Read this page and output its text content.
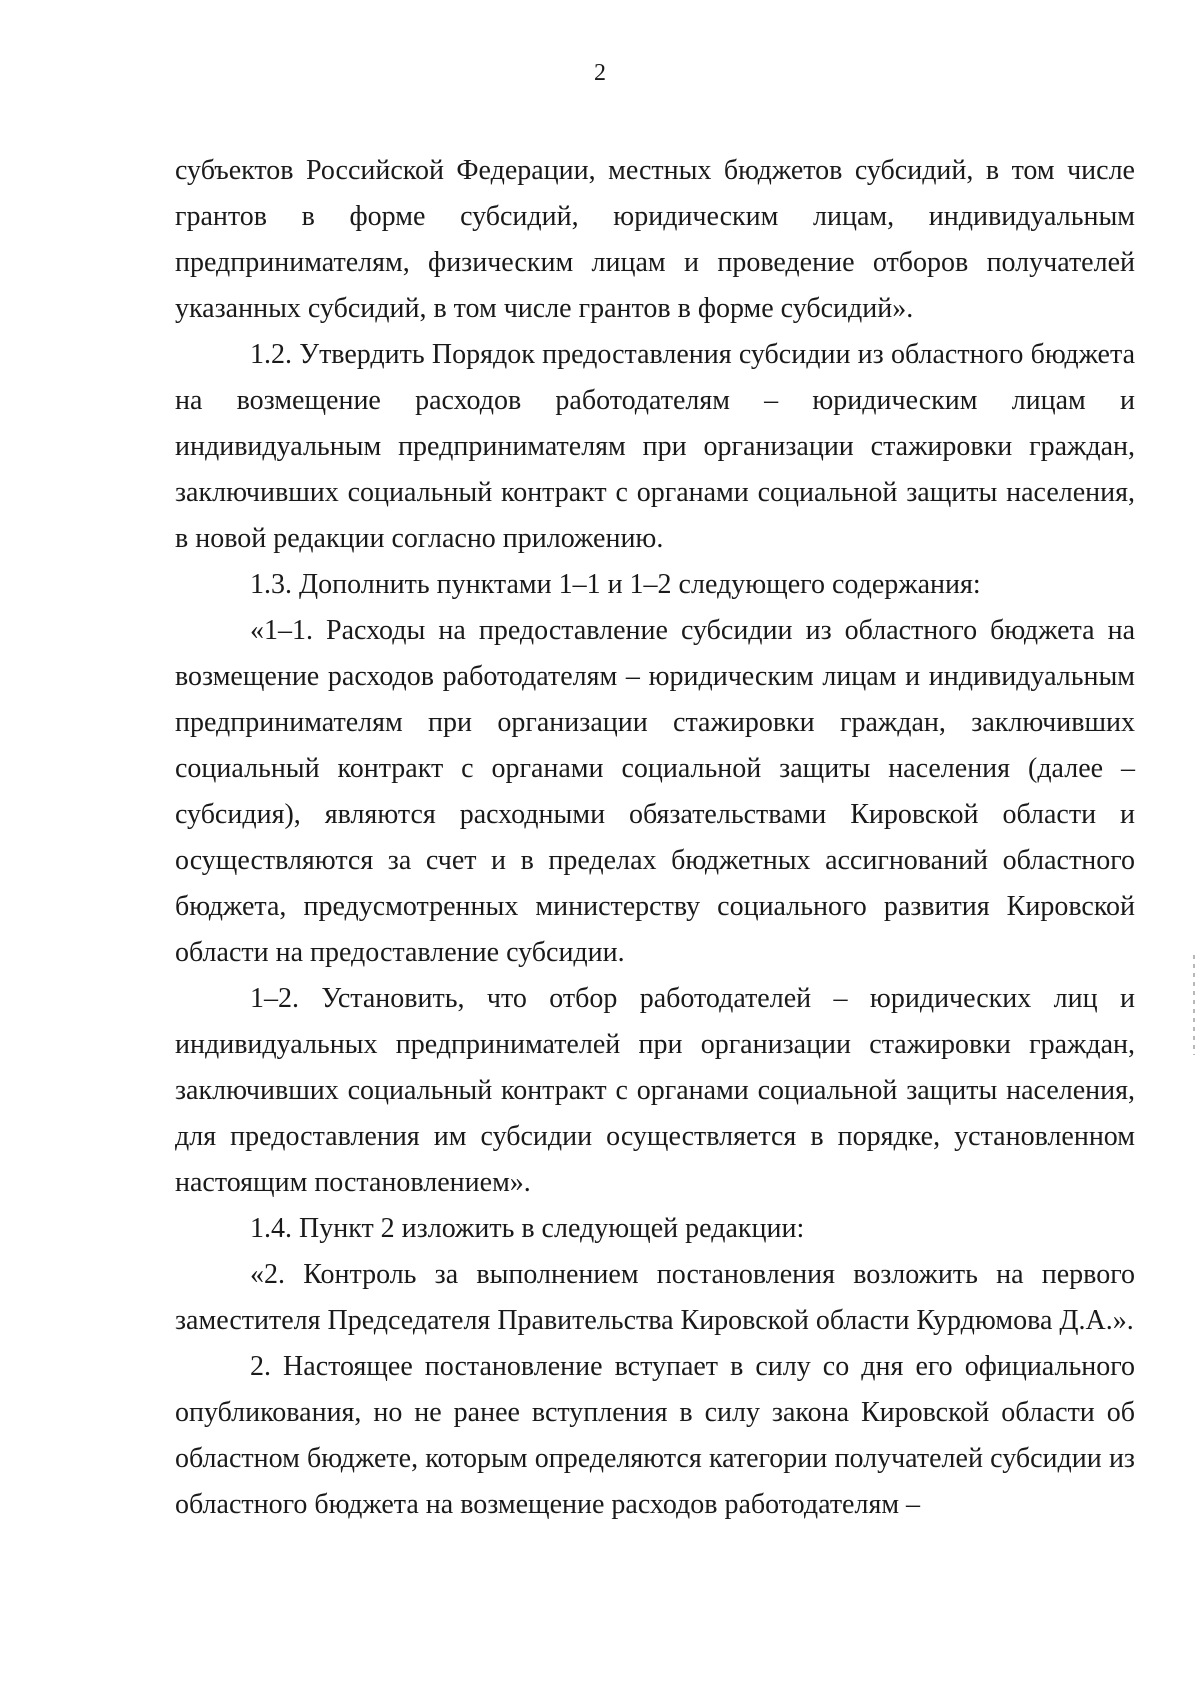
2

субъектов Российской Федерации, местных бюджетов субсидий, в том числе грантов в форме субсидий, юридическим лицам, индивидуальным предпринимателям, физическим лицам и проведение отборов получателей указанных субсидий, в том числе грантов в форме субсидий».

1.2. Утвердить Порядок предоставления субсидии из областного бюджета на возмещение расходов работодателям – юридическим лицам и индивидуальным предпринимателям при организации стажировки граждан, заключивших социальный контракт с органами социальной защиты населения, в новой редакции согласно приложению.

1.3. Дополнить пунктами 1–1 и 1–2 следующего содержания:

«1–1. Расходы на предоставление субсидии из областного бюджета на возмещение расходов работодателям – юридическим лицам и индивидуальным предпринимателям при организации стажировки граждан, заключивших социальный контракт с органами социальной защиты населения (далее – субсидия), являются расходными обязательствами Кировской области и осуществляются за счет и в пределах бюджетных ассигнований областного бюджета, предусмотренных министерству социального развития Кировской области на предоставление субсидии.

1–2. Установить, что отбор работодателей – юридических лиц и индивидуальных предпринимателей при организации стажировки граждан, заключивших социальный контракт с органами социальной защиты населения, для предоставления им субсидии осуществляется в порядке, установленном настоящим постановлением».

1.4. Пункт 2 изложить в следующей редакции:

«2. Контроль за выполнением постановления возложить на первого заместителя Председателя Правительства Кировской области Курдюмова Д.А.».

2. Настоящее постановление вступает в силу со дня его официального опубликования, но не ранее вступления в силу закона Кировской области об областном бюджете, которым определяются категории получателей субсидии из областного бюджета на возмещение расходов работодателям –
